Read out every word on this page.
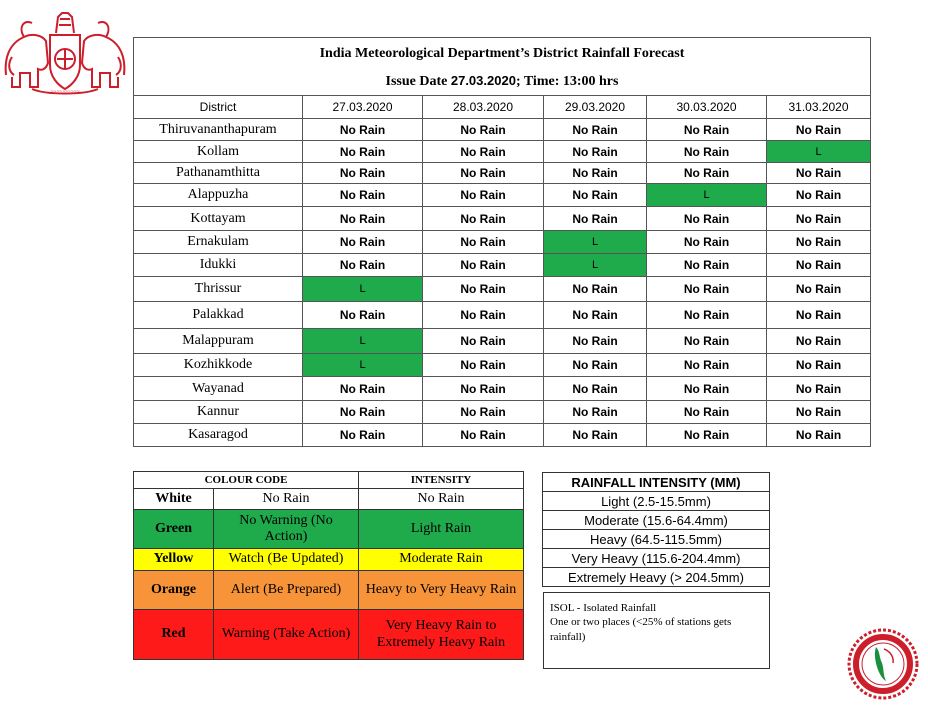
~~~~~~~~~~
India Meteorological Department’s District Rainfall Forecast					
Issue Date 27.03.2020; Time: 13:00 hrs					
District	27.03.2020	28.03.2020	29.03.2020	30.03.2020	31.03.2020
Thiruvananthapuram	No Rain	No Rain	No Rain	No Rain	No Rain
Kollam	No Rain	No Rain	No Rain	No Rain	L
Pathanamthitta	No Rain	No Rain	No Rain	No Rain	No Rain
Alappuzha	No Rain	No Rain	No Rain	L	No Rain
Kottayam	No Rain	No Rain	No Rain	No Rain	No Rain
Ernakulam	No Rain	No Rain	L	No Rain	No Rain
Idukki	No Rain	No Rain	L	No Rain	No Rain
Thrissur	L	No Rain	No Rain	No Rain	No Rain
Palakkad	No Rain	No Rain	No Rain	No Rain	No Rain
Malappuram	L	No Rain	No Rain	No Rain	No Rain
Kozhikkode	L	No Rain	No Rain	No Rain	No Rain
Wayanad	No Rain	No Rain	No Rain	No Rain	No Rain
Kannur	No Rain	No Rain	No Rain	No Rain	No Rain
Kasaragod	No Rain	No Rain	No Rain	No Rain	No Rain
COLOUR CODE		INTENSITY
White	No Rain	No Rain
Green	No Warning (No Action)	Light Rain
Yellow	Watch (Be Updated)	Moderate Rain
Orange	Alert (Be Prepared)	Heavy to Very Heavy Rain
Red	Warning (Take Action)	Very Heavy Rain to Extremely Heavy Rain
RAINFALL INTENSITY (MM)
Light (2.5-15.5mm)
Moderate (15.6-64.4mm)
Heavy (64.5-115.5mm)
Very Heavy (115.6-204.4mm)
Extremely Heavy (> 204.5mm)
ISOL - Isolated Rainfall
One or two places (<25% of stations gets rainfall)
